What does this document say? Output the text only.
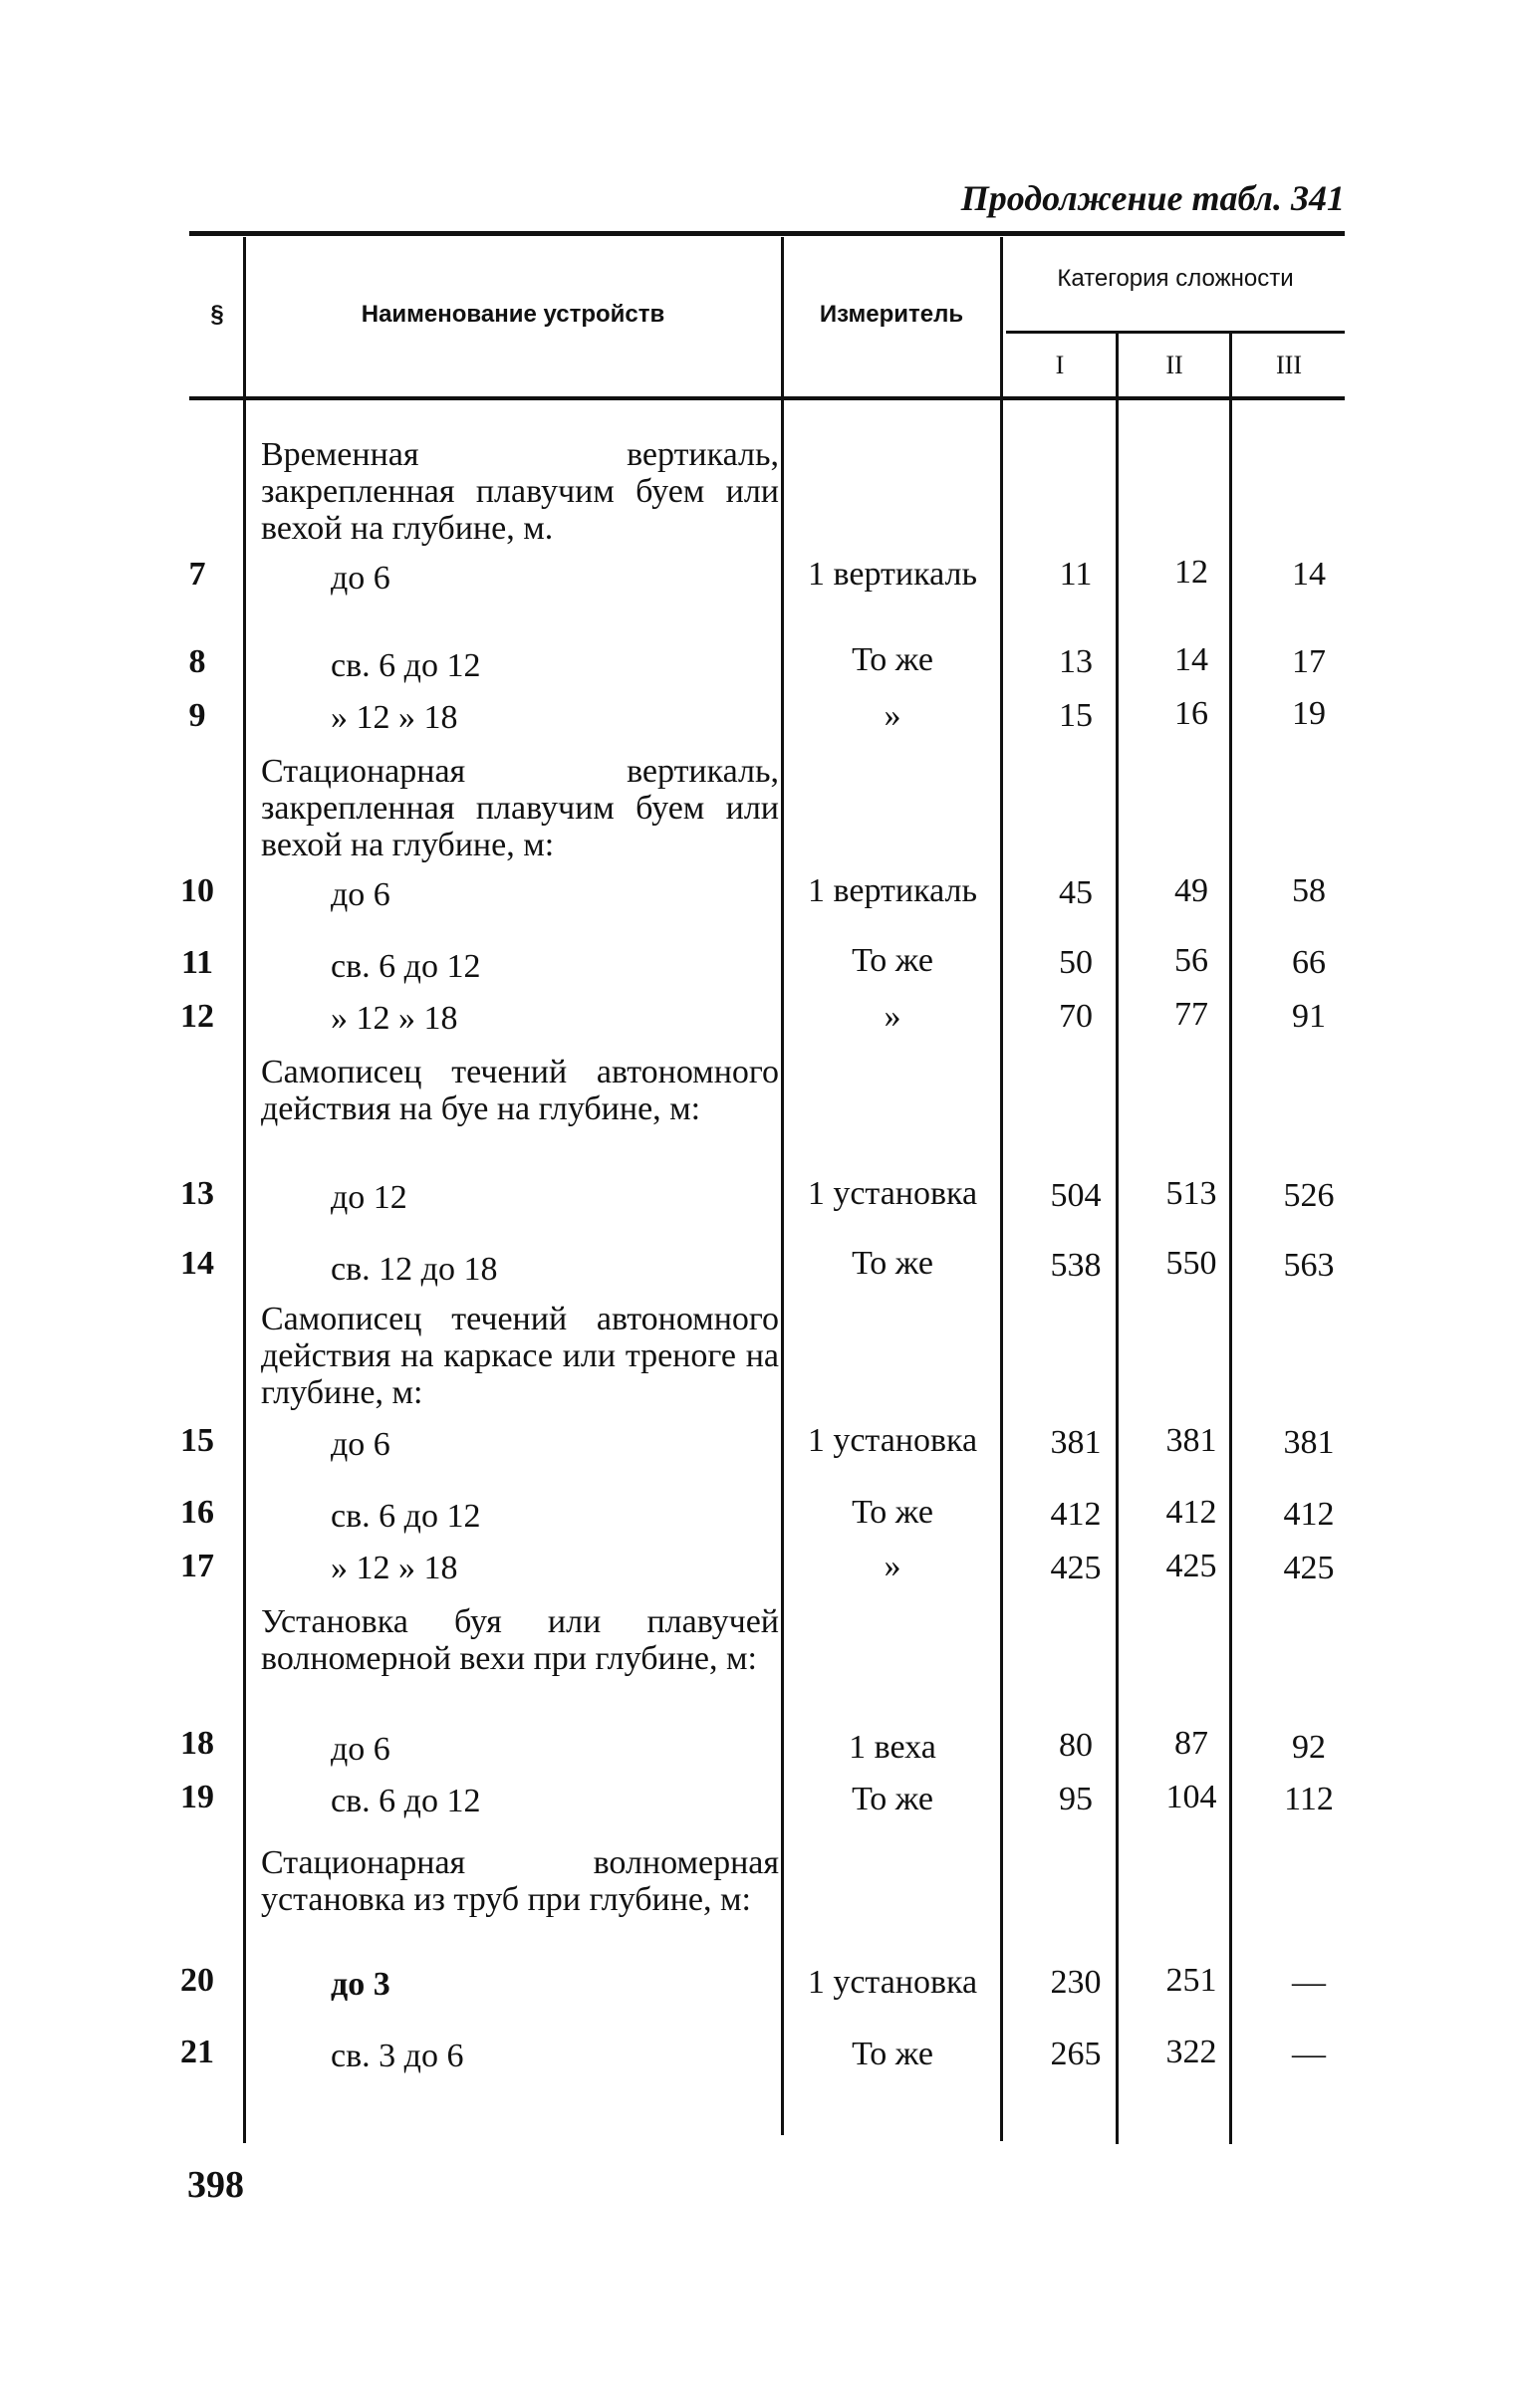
Продолжение табл. 341
§	Наименование устройств	Измеритель
Категория сложности
I	II	III
Временная вертикаль, закрепленная плавучим буем или вехой на глубине, м.
Стационарная вертикаль, закрепленная плавучим буем или вехой на глубине, м:
Самописец течений автономного действия на буе на глубине, м:
Самописец течений автономного действия на каркасе или треноге на глубине, м:
Установка буя или плавучей волномерной вехи при глубине, м:
Стационарная волномерная установка из труб при глубине, м:
7	до 6	1 вертикаль	11	12	14
8	св. 6 до 12	То же	13	14	17
9	» 12 » 18	»	15	16	19
10	до 6	1 вертикаль	45	49	58
11	св. 6 до 12	То же	50	56	66
12	» 12 » 18	»	70	77	91
13	до 12	1 установка	504	513	526
14	св. 12 до 18	То же	538	550	563
15	до 6	1 установка	381	381	381
16	св. 6 до 12	То же	412	412	412
17	» 12 » 18	»	425	425	425
18	до 6	1 веха	80	87	92
19	св. 6 до 12	То же	95	104	112
20	до 3	1 установка	230	251	—
21	св. 3 до 6	То же	265	322	—
398
